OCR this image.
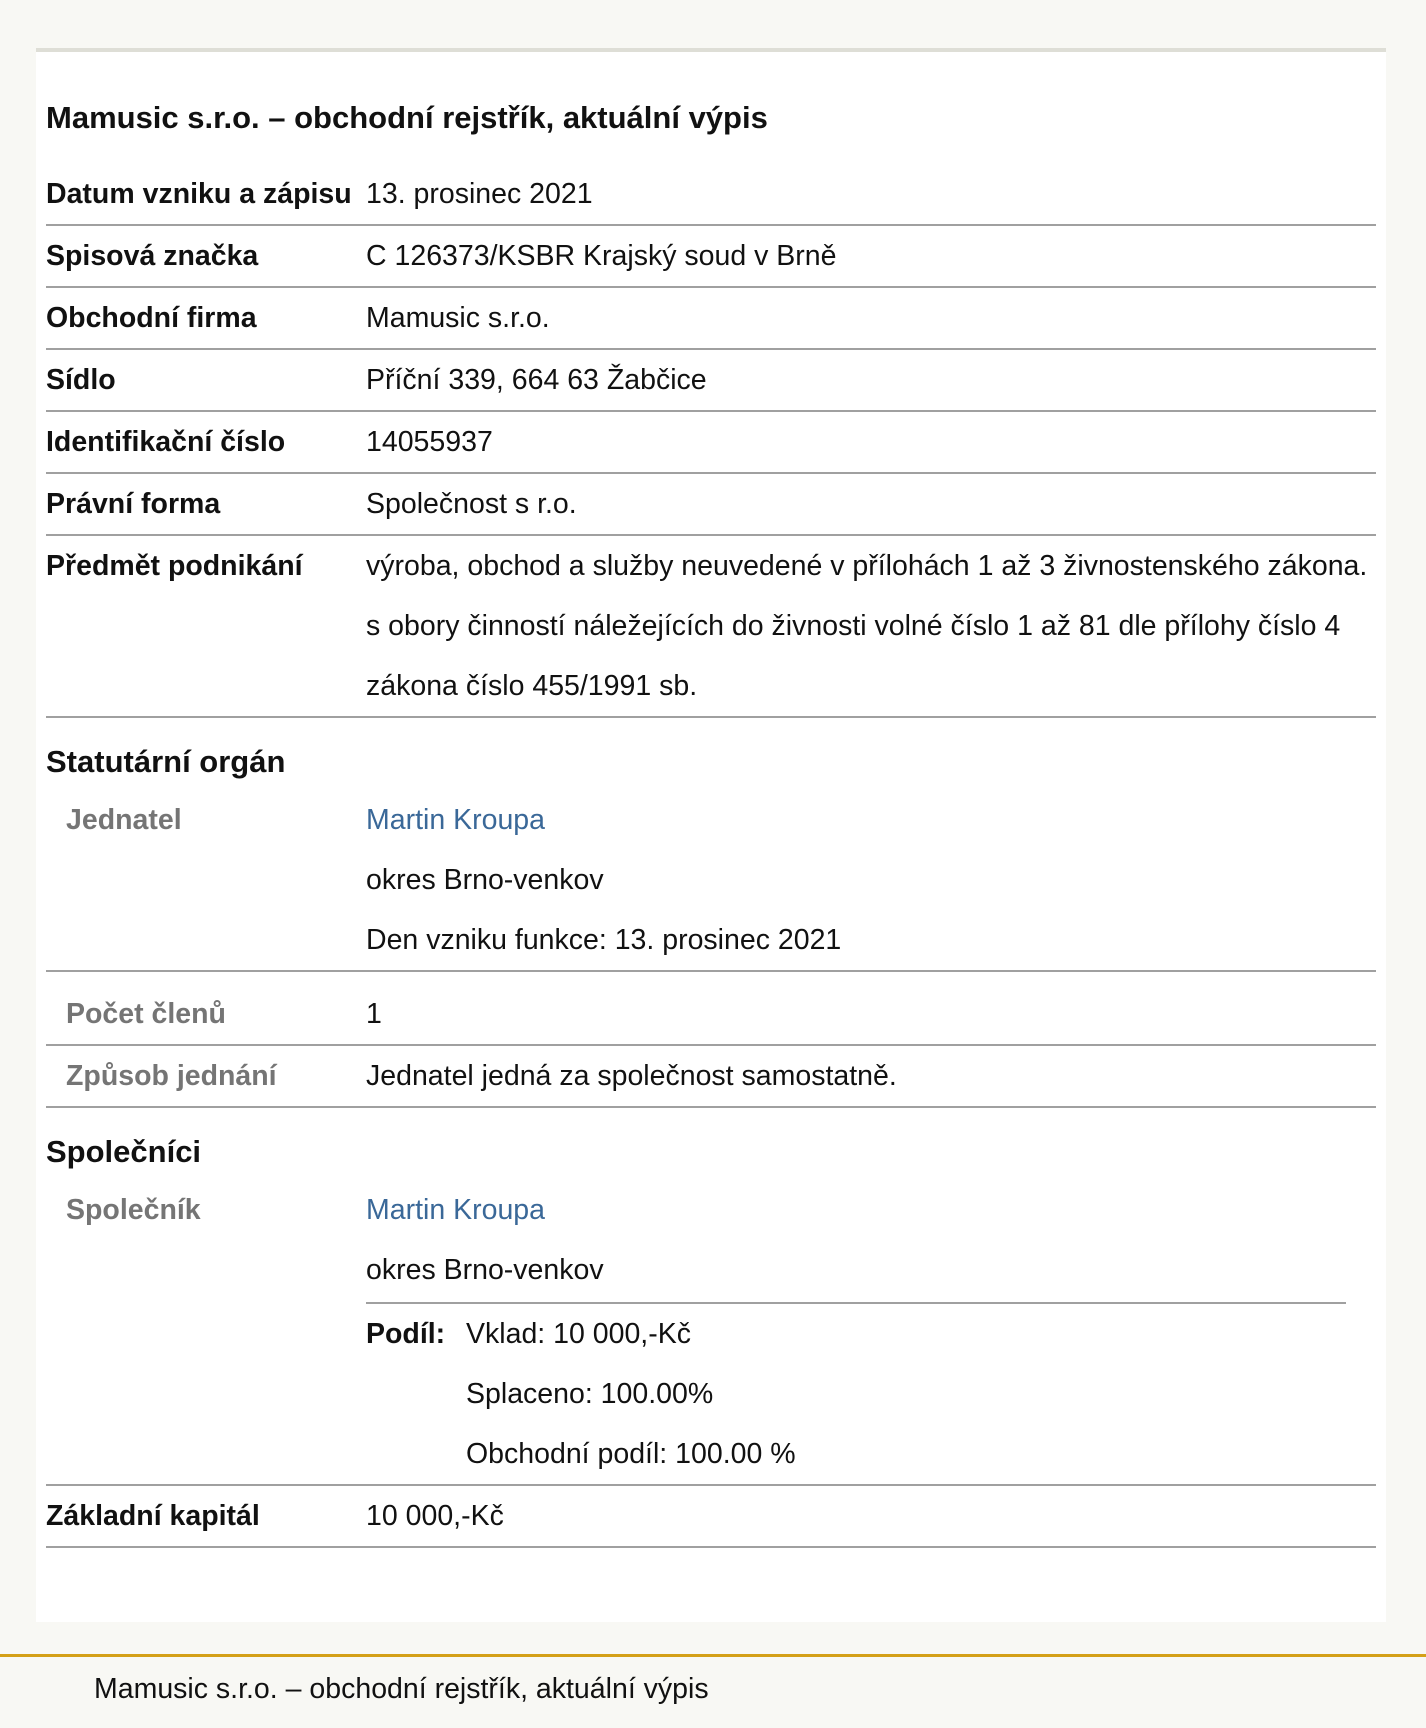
Mamusic s.r.o. – obchodní rejstřík, aktuální výpis
Datum vzniku a zápisu 13. prosinec 2021
Spisová značka	C 126373/KSBR Krajský soud v Brně
Obchodní firma	Mamusic s.r.o.
Sídlo	Příční 339, 664 63 Žabčice
Identifikační číslo	14055937
Právní forma	Společnost s r.o.
Předmět podnikání	výroba, obchod a služby neuvedené v přílohách 1 až 3 živnostenského zákona. s obory činností náležejících do živnosti volné číslo 1 až 81 dle přílohy číslo 4 zákona číslo 455/1991 sb.
Statutární orgán
Jednatel	Martin Kroupa
okres Brno-venkov
Den vzniku funkce: 13. prosinec 2021
Počet členů	1
Způsob jednání	Jednatel jedná za společnost samostatně.
Společníci
Společník	Martin Kroupa
okres Brno-venkov
Podíl: Vklad: 10 000,-Kč
Splaceno: 100.00%
Obchodní podíl: 100.00 %
Základní kapitál	10 000,-Kč
Mamusic s.r.o. – obchodní rejstřík, aktuální výpis
